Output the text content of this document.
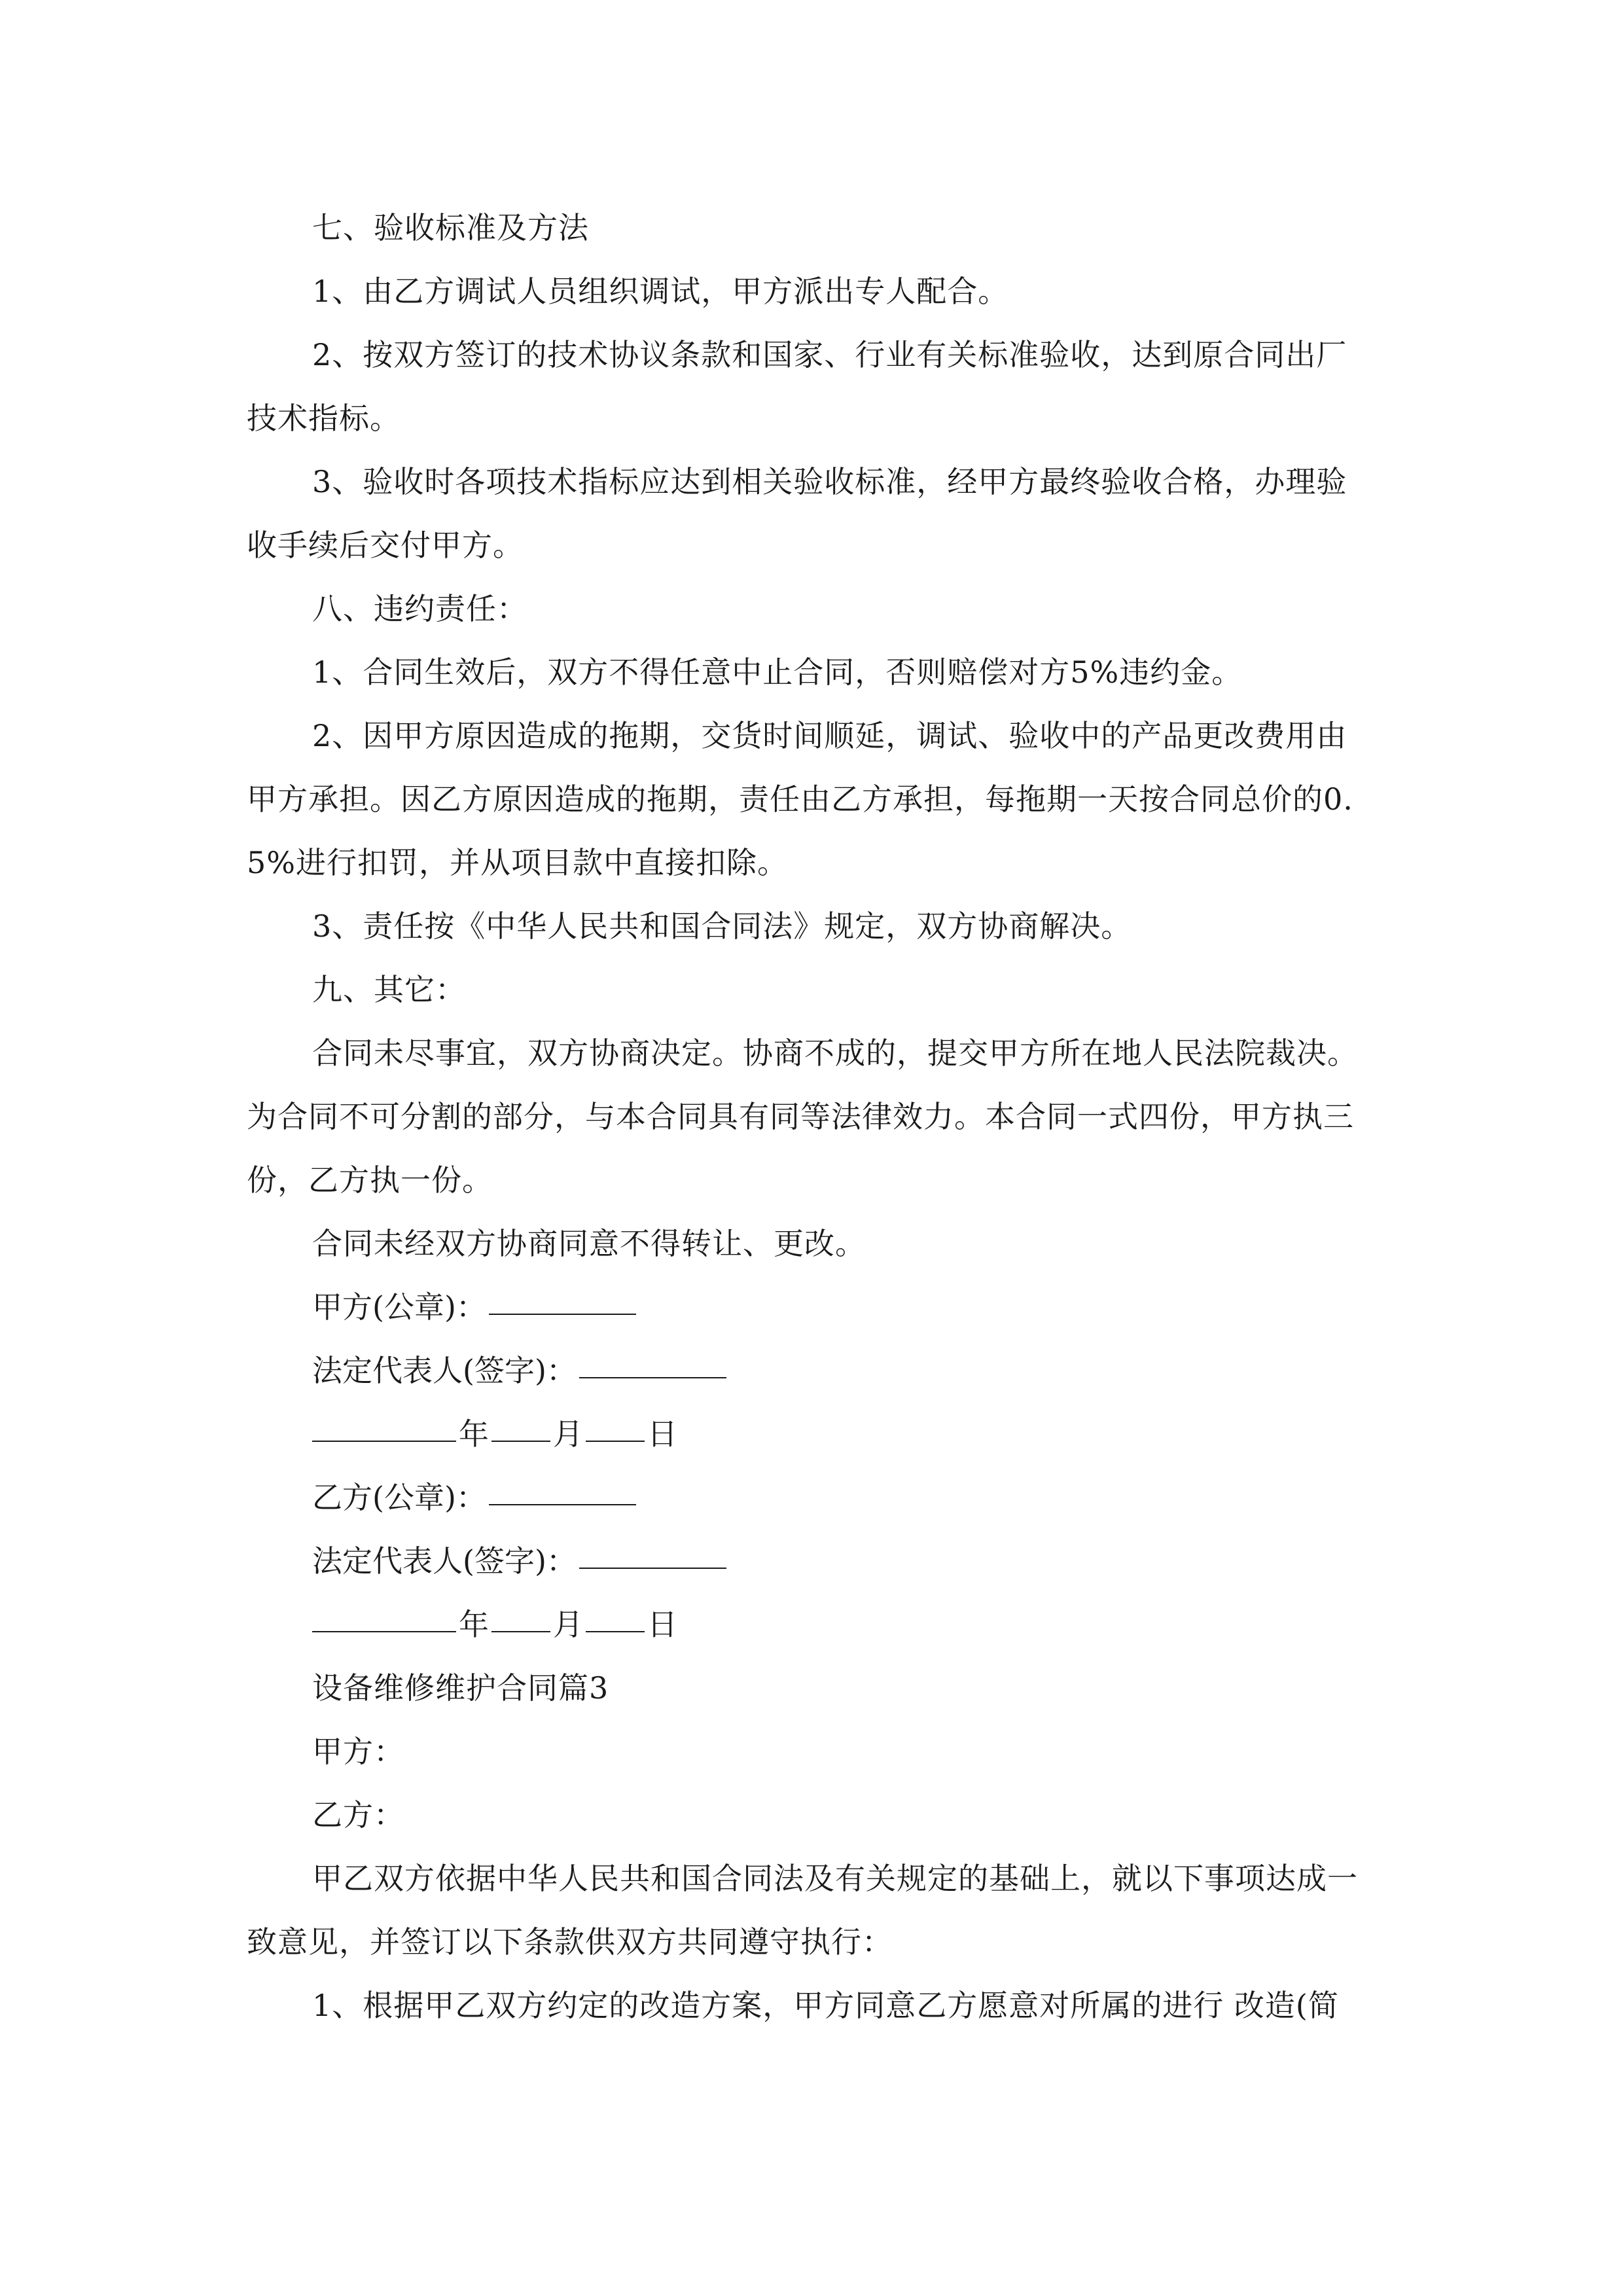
七、验收标准及方法

1、由乙方调试人员组织调试，甲方派出专人配合。

2、按双方签订的技术协议条款和国家、行业有关标准验收，达到原合同出厂技术指标。

3、验收时各项技术指标应达到相关验收标准，经甲方最终验收合格，办理验收手续后交付甲方。

八、违约责任：

1、合同生效后，双方不得任意中止合同，否则赔偿对方5%违约金。

2、因甲方原因造成的拖期，交货时间顺延，调试、验收中的产品更改费用由甲方承担。因乙方原因造成的拖期，责任由乙方承担，每拖期一天按合同总价的0.5%进行扣罚，并从项目款中直接扣除。

3、责任按《中华人民共和国合同法》规定，双方协商解决。

九、其它：

合同未尽事宜，双方协商决定。协商不成的，提交甲方所在地人民法院裁决。为合同不可分割的部分，与本合同具有同等法律效力。本合同一式四份，甲方执三份，乙方执一份。

合同未经双方协商同意不得转让、更改。

甲方(公章)：

法定代表人(签字)：

年 月 日

乙方(公章)：

法定代表人(签字)：

年 月 日

设备维修维护合同篇3

甲方：

乙方：

甲乙双方依据中华人民共和国合同法及有关规定的基础上，就以下事项达成一致意见，并签订以下条款供双方共同遵守执行：

1、根据甲乙双方约定的改造方案，甲方同意乙方愿意对所属的进行 改造(简
